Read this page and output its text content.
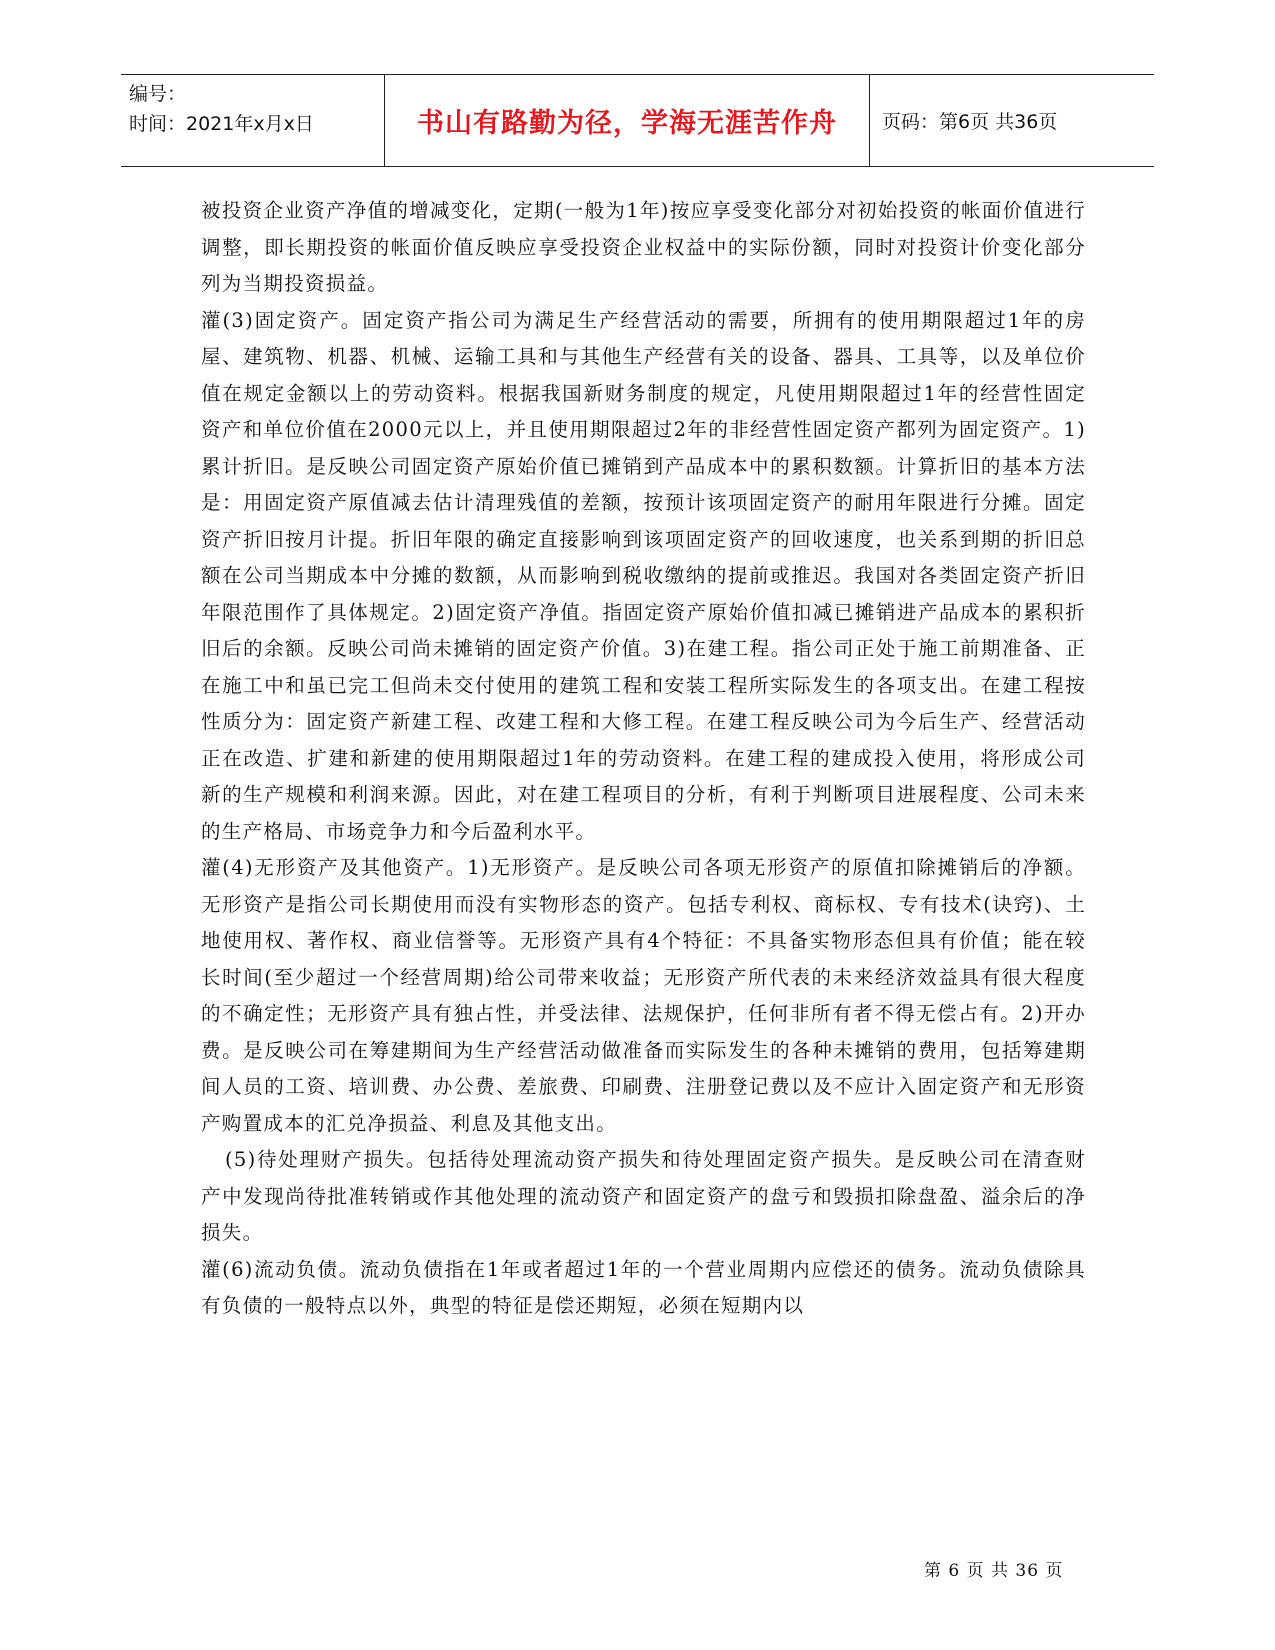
编号：
时间：2021年x月x日	书山有路勤为径，学海无涯苦作舟 页码：第6页 共36页

被投资企业资产净值的增减变化，定期(一般为1年)按应享受变化部分对初始投资的帐面价值进行调整，即长期投资的帐面价值反映应享受投资企业权益中的实际份额，同时对投资计价变化部分列为当期投资损益。

灌(3)固定资产。固定资产指公司为满足生产经营活动的需要，所拥有的使用期限超过1年的房屋、建筑物、机器、机械、运输工具和与其他生产经营有关的设备、器具、工具等，以及单位价值在规定金额以上的劳动资料。根据我国新财务制度的规定，凡使用期限超过1年的经营性固定资产和单位价值在2000元以上，并且使用期限超过2年的非经营性固定资产都列为固定资产。1)累计折旧。是反映公司固定资产原始价值已摊销到产品成本中的累积数额。计算折旧的基本方法是：用固定资产原值减去估计清理残值的差额，按预计该项固定资产的耐用年限进行分摊。固定资产折旧按月计提。折旧年限的确定直接影响到该项固定资产的回收速度，也关系到期的折旧总额在公司当期成本中分摊的数额，从而影响到税收缴纳的提前或推迟。我国对各类固定资产折旧年限范围作了具体规定。2)固定资产净值。指固定资产原始价值扣减已摊销进产品成本的累积折旧后的余额。反映公司尚未摊销的固定资产价值。3)在建工程。指公司正处于施工前期准备、正在施工中和虽已完工但尚未交付使用的建筑工程和安装工程所实际发生的各项支出。在建工程按性质分为：固定资产新建工程、改建工程和大修工程。在建工程反映公司为今后生产、经营活动正在改造、扩建和新建的使用期限超过1年的劳动资料。在建工程的建成投入使用，将形成公司新的生产规模和利润来源。因此，对在建工程项目的分析，有利于判断项目进展程度、公司未来的生产格局、市场竞争力和今后盈利水平。

灌(4)无形资产及其他资产。1)无形资产。是反映公司各项无形资产的原值扣除摊销后的净额。无形资产是指公司长期使用而没有实物形态的资产。包括专利权、商标权、专有技术(诀窍)、土地使用权、著作权、商业信誉等。无形资产具有4个特征：不具备实物形态但具有价值；能在较长时间(至少超过一个经营周期)给公司带来收益；无形资产所代表的未来经济效益具有很大程度的不确定性；无形资产具有独占性，并受法律、法规保护，任何非所有者不得无偿占有。2)开办费。是反映公司在筹建期间为生产经营活动做准备而实际发生的各种未摊销的费用，包括筹建期间人员的工资、培训费、办公费、差旅费、印刷费、注册登记费以及不应计入固定资产和无形资产购置成本的汇兑净损益、利息及其他支出。

(5)待处理财产损失。包括待处理流动资产损失和待处理固定资产损失。是反映公司在清查财产中发现尚待批准转销或作其他处理的流动资产和固定资产的盘亏和毁损扣除盘盈、溢余后的净损失。

灌(6)流动负债。流动负债指在1年或者超过1年的一个营业周期内应偿还的债务。流动负债除具有负债的一般特点以外，典型的特征是偿还期短，必须在短期内以

第 6 页 共 36 页
